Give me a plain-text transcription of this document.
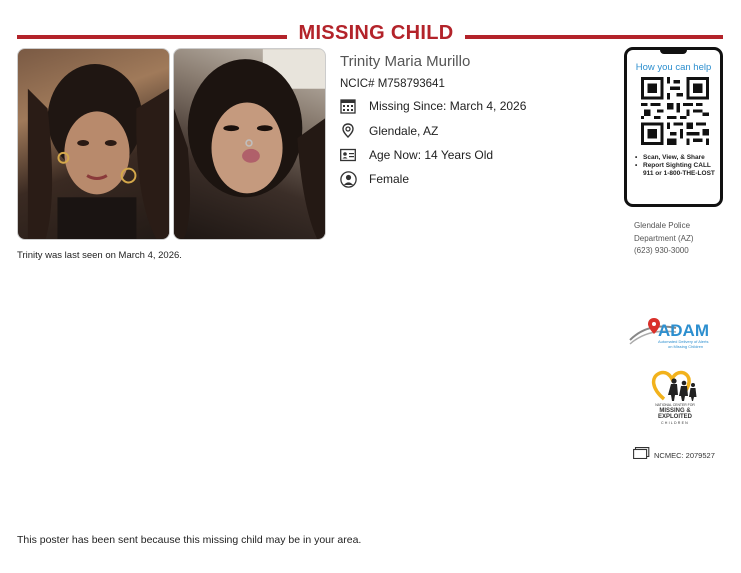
MISSING CHILD
Trinity was last seen on March 4, 2026.
Trinity Maria Murillo
NCIC# M758793641
Missing Since: March 4, 2026
Glendale, AZ
Age Now: 14 Years Old
Female
How you can help
• Scan, View, & Share
• Report Sighting CALL 911 or 1-800-THE-LOST
Glendale Police
Department (AZ)
(623) 930-3000
ADAM
Automated Delivery of Alerts
on Missing Children
NATIONAL CENTER FOR
MISSING &
EXPLOITED
CHILDREN
NCMEC: 2079527
This poster has been sent because this missing child may be in your area.
